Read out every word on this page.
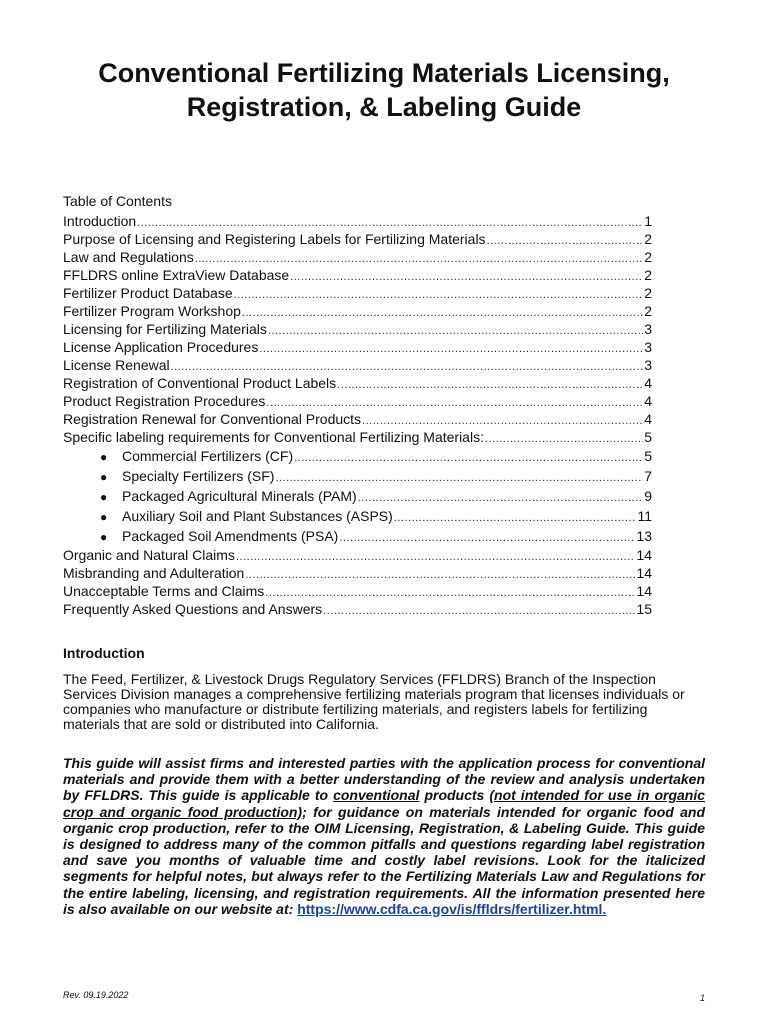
Conventional Fertilizing Materials Licensing,
Registration, & Labeling Guide
Table of Contents
Introduction .....	1
Purpose of Licensing and Registering Labels for Fertilizing Materials .....	2
Law and Regulations .....	2
FFLDRS online ExtraView Database .....	2
Fertilizer Product Database .....	2
Fertilizer Program Workshop .....	2
Licensing for Fertilizing Materials .....	3
License Application Procedures .....	3
License Renewal .....	3
Registration of Conventional Product Labels .....	4
Product Registration Procedures .....	4
Registration Renewal for Conventional Products .....	4
Specific labeling requirements for Conventional Fertilizing Materials: .....	5
●	Commercial Fertilizers (CF) .....	5
●	Specialty Fertilizers (SF) .....	7
●	Packaged Agricultural Minerals (PAM) .....	9
●	Auxiliary Soil and Plant Substances (ASPS) .....	11
●	Packaged Soil Amendments (PSA) .....	13
Organic and Natural Claims .....	14
Misbranding and Adulteration .....	14
Unacceptable Terms and Claims .....	14
Frequently Asked Questions and Answers .....	15
Introduction
The Feed, Fertilizer, & Livestock Drugs Regulatory Services (FFLDRS) Branch of the Inspection Services Division manages a comprehensive fertilizing materials program that licenses individuals or companies who manufacture or distribute fertilizing materials, and registers labels for fertilizing materials that are sold or distributed into California.
This guide will assist firms and interested parties with the application process for conventional materials and provide them with a better understanding of the review and analysis undertaken by FFLDRS. This guide is applicable to conventional products (not intended for use in organic crop and organic food production); for guidance on materials intended for organic food and organic crop production, refer to the OIM Licensing, Registration, & Labeling Guide. This guide is designed to address many of the common pitfalls and questions regarding label registration and save you months of valuable time and costly label revisions. Look for the italicized segments for helpful notes, but always refer to the Fertilizing Materials Law and Regulations for the entire labeling, licensing, and registration requirements. All the information presented here is also available on our website at: https://www.cdfa.ca.gov/is/ffldrs/fertilizer.html.
Rev. 09.19.2022	1
